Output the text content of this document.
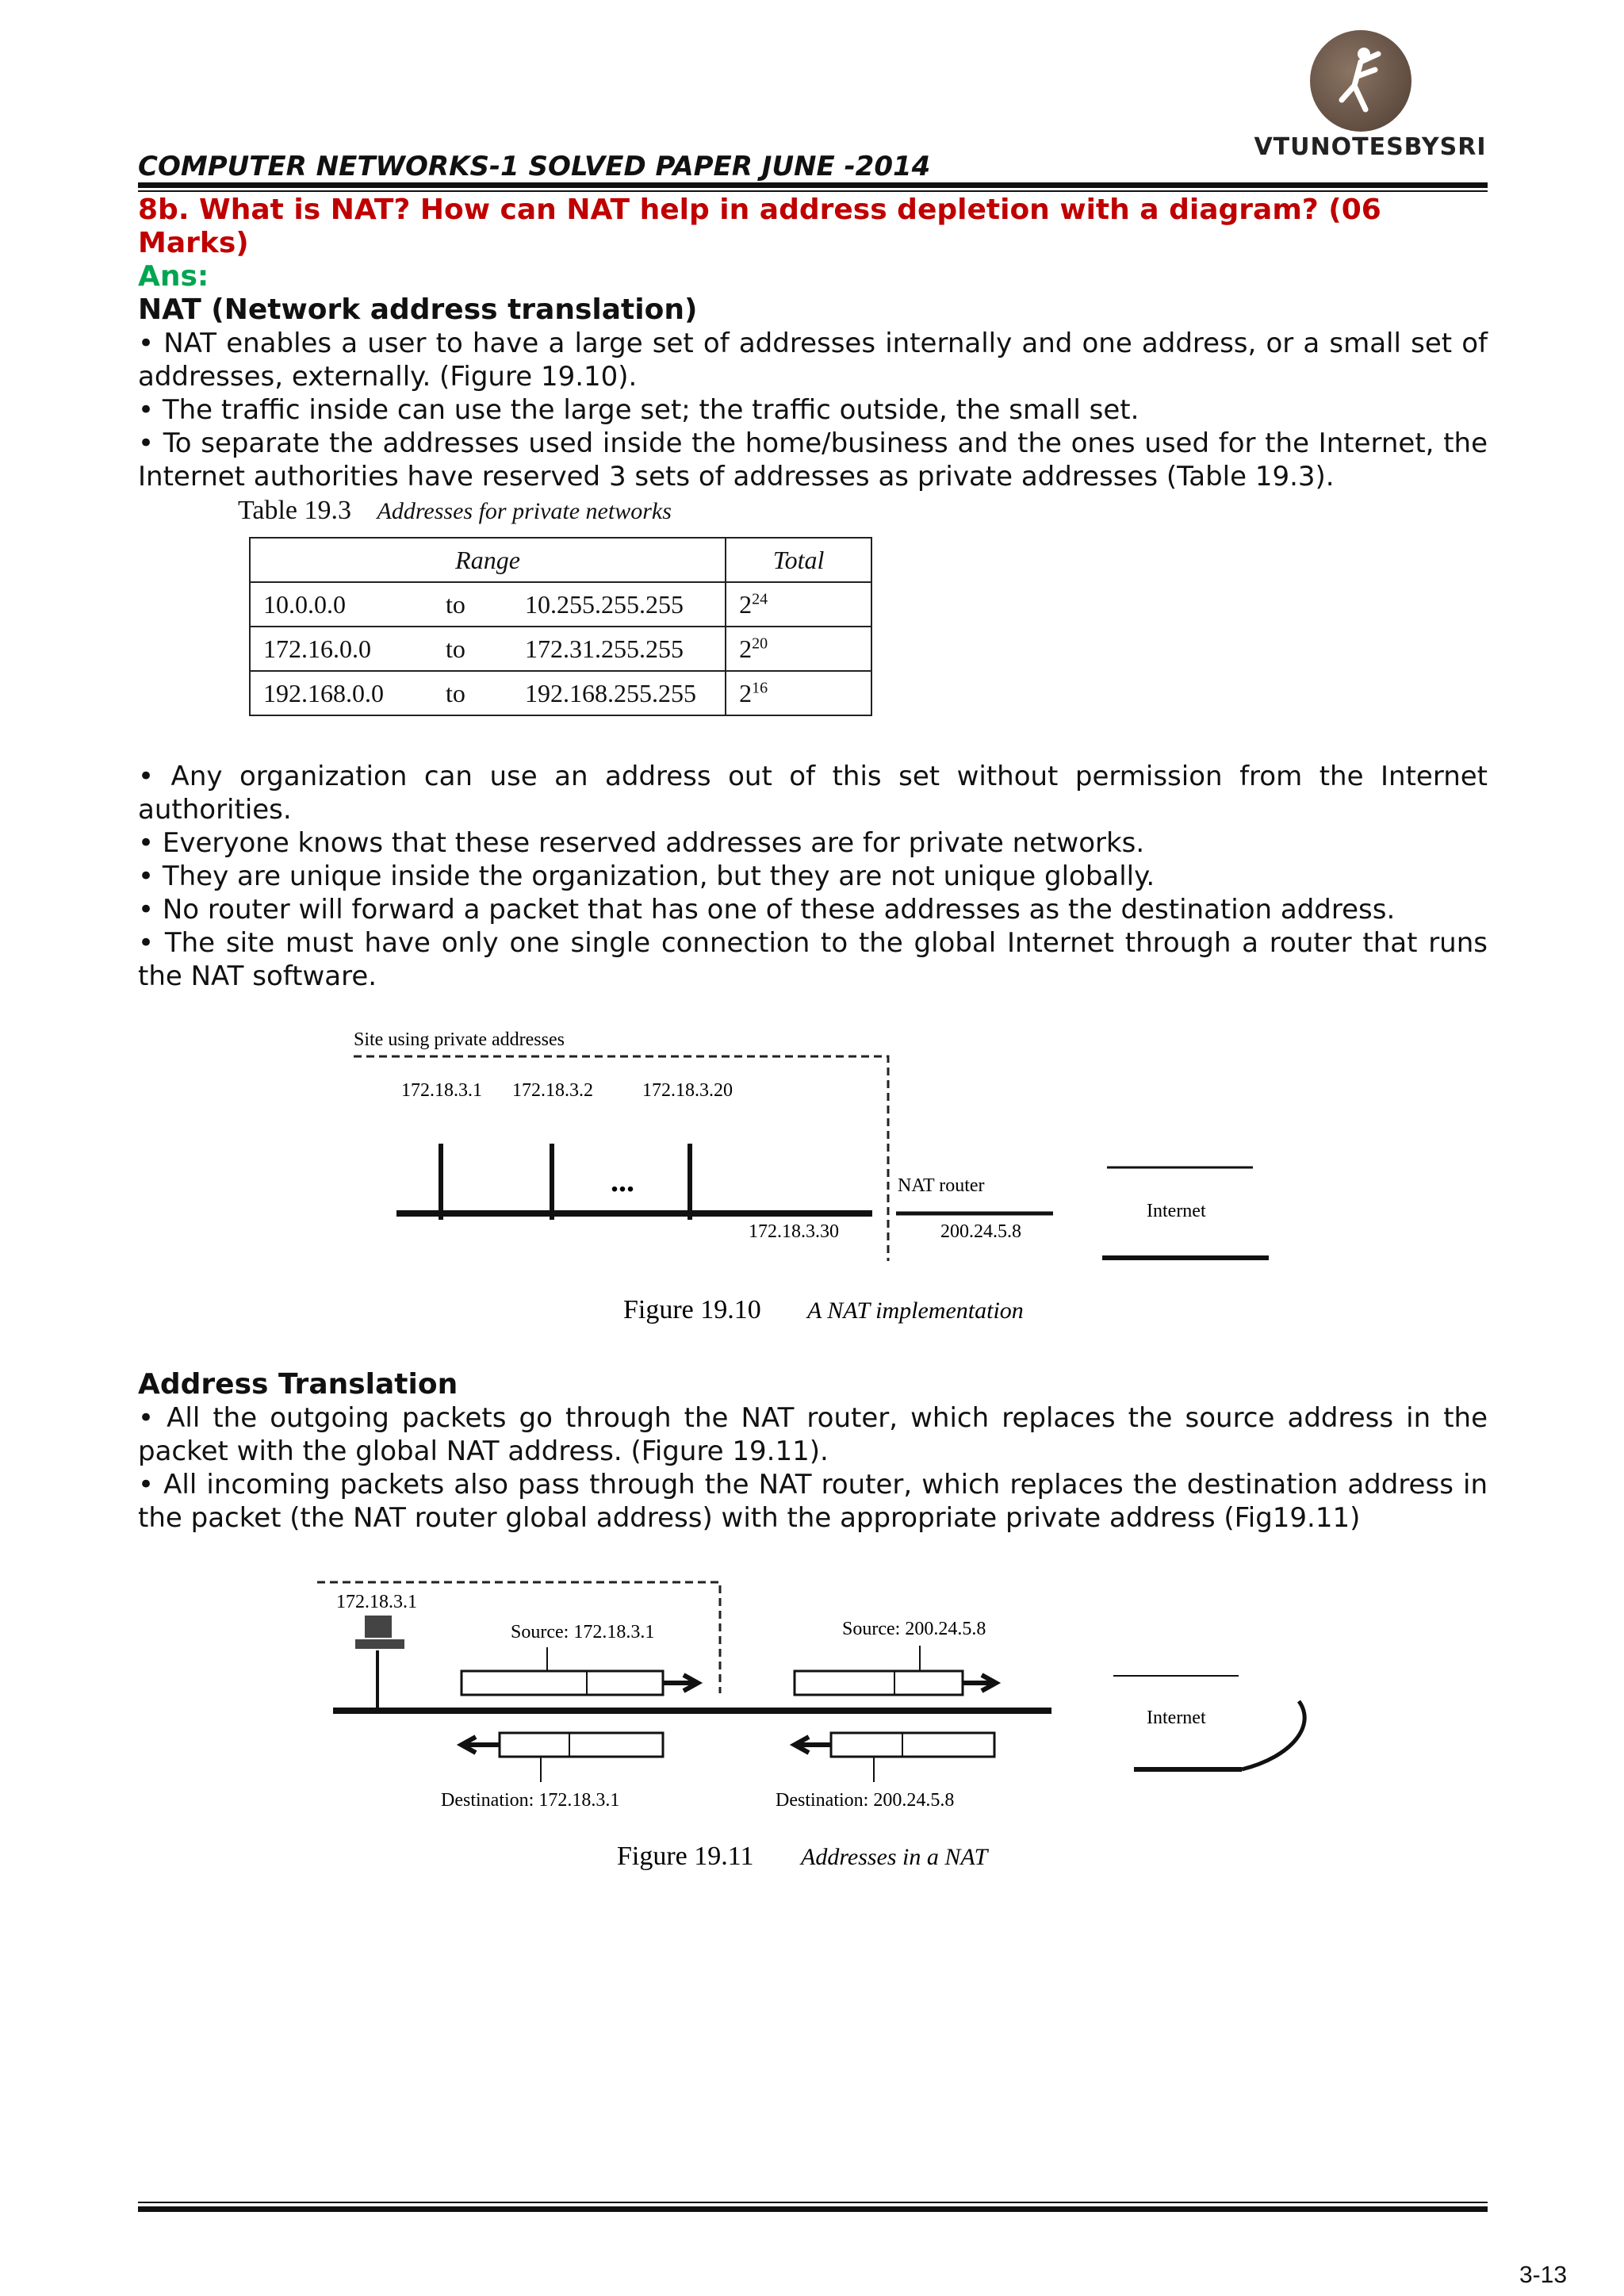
VTUNOTESBYSRI
COMPUTER NETWORKS-1 SOLVED PAPER JUNE -2014
8b. What is NAT? How can NAT help in address depletion with a diagram? (06 Marks)
Ans:
NAT (Network address translation)

• NAT enables a user to have a large set of addresses internally and one address, or a small set of addresses, externally. (Figure 19.10).

• The traffic inside can use the large set; the traffic outside, the small set.

• To separate the addresses used inside the home/business and the ones used for the Internet, the Internet authorities have reserved 3 sets of addresses as private addresses (Table 19.3).

Table 19.3 Addresses for private networks
Range	Total

10.0.0.0 to 10.255.255.255	$2^{24}$

172.16.0.0 to 172.31.255.255	$2^{20}$

192.168.0.0 to 192.168.255.255	$2^{16}$

• Any organization can use an address out of this set without permission from the Internet authorities.

• Everyone knows that these reserved addresses are for private networks.

• They are unique inside the organization, but they are not unique globally.

• No router will forward a packet that has one of these addresses as the destination address.

• The site must have only one single connection to the global Internet through a router that runs the NAT software.

Site using private addresses
172.18.3.1 172.18.3.2	172.18.3.20
...
172.18.3.30
NAT router
200.24.5.8
Internet
Figure 19.10 A NAT implementation
Address Translation

• All the outgoing packets go through the NAT router, which replaces the source address in the packet with the global NAT address. (Figure 19.11).

• All incoming packets also pass through the NAT router, which replaces the destination address in the packet (the NAT router global address) with the appropriate private address (Fig19.11)

172.18.3.1
Source: 172.18.3.1	Source: 200.24.5.8
Destination: 172.18.3.1	Destination: 200.24.5.8
Internet
Figure 19.11 Addresses in a NAT
3-13
